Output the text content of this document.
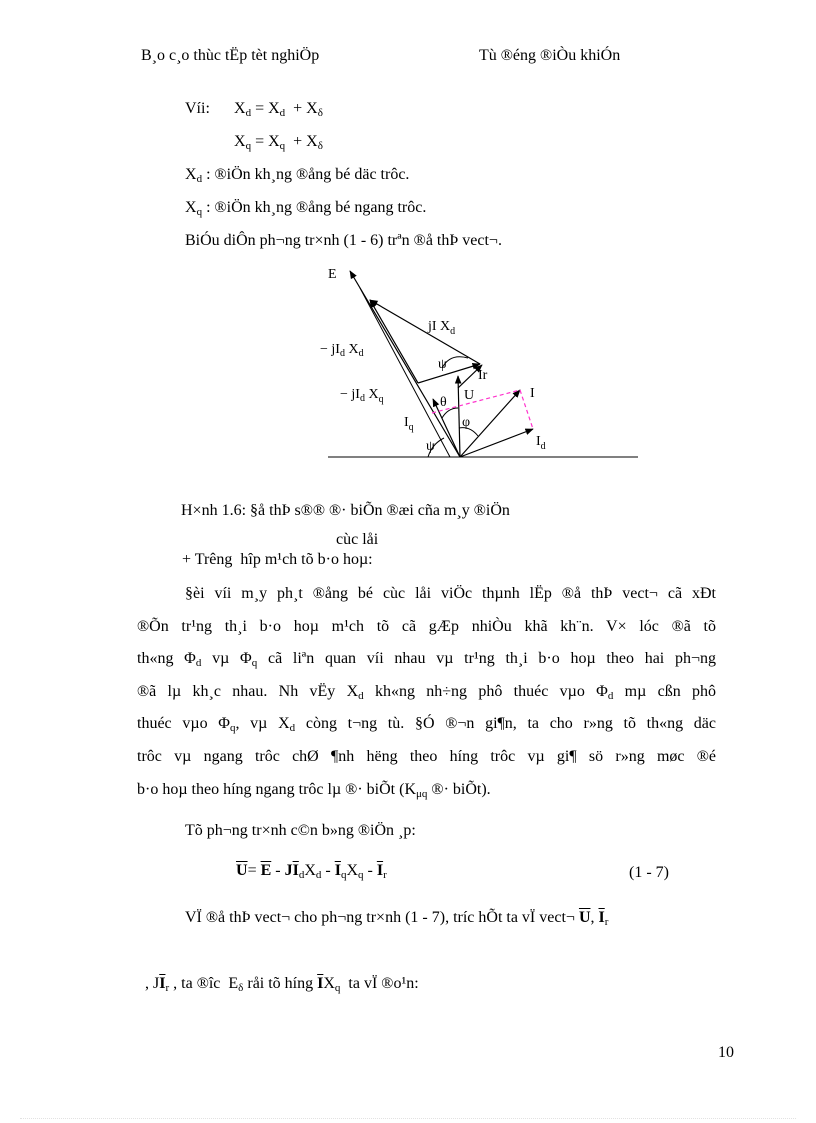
B¸o c¸o thùc tËp tèt nghiÖp	Tù ®éng ®iÒu khiÓn
Víi: $X_d = X_d + X_\delta$
$X_q = X_q + X_\delta$
$X_d$ : ®iÖn kh¸ng ®ång bé däc trôc.
$X_q$ : ®iÖn kh¸ng ®ång bé ngang trôc.
BiÓu diÔn ph¬ng tr×nh (1 - 6) trªn ®å thÞ vect¬.
E
jI $X_d$
− $jI_d$ $X_d$
ψ
Ir
− $jI_d$ $X_q$	U	I
θ
φ
$I_q$
ψ	$I_d$
H×nh 1.6: §å thÞ s®® ®· biÕn ®æi cña m¸y ®iÖn
cùc låi
+ Trêng  hîp m¹ch tõ b·o hoµ:
§èi víi m¸y ph¸t ®ång bé cùc låi viÖc thµnh lËp ®å thÞ vect¬ cã xÐt
®Õn tr¹ng th¸i b·o hoµ m¹ch tõ cã gÆp nhiÒu khã kh¨n. V× lóc ®ã tõ
th«ng $\Phi_d$ vµ $\Phi_q$ cã liªn quan víi nhau vµ tr¹ng th¸i b·o hoµ theo hai ph¬ng
®ã lµ kh¸c nhau. Nh vËy $X_d$ kh«ng nh÷ng phô thuéc vµo $\Phi_d$ mµ cßn phô
thuéc vµo $\Phi_q$, vµ $X_d$ còng t¬ng tù. §Ó ®¬n gi¶n, ta cho r»ng tõ th«ng däc
trôc vµ ngang trôc chØ ¶nh hëng theo híng trôc vµ gi¶ sö r»ng møc ®é
b·o hoµ theo híng ngang trôc lµ ®· biÕt ($K_{\mu q}$ ®· biÕt).
Tõ ph¬ng tr×nh c©n b»ng ®iÖn ¸p:
$\overline{U}= \overline{E} - J\overline{I}_dX_d - \overline{I}_qX_q - \overline{I}_r$	(1 - 7)
VÏ ®å thÞ vect¬ cho ph¬ng tr×nh (1 - 7), tríc hÕt ta vÏ vect¬ $\overline{U}$, $\overline{I}_r$

, $J\overline{I}_r$ , ta ®îc  $E_\delta$ råi tõ híng $\overline{I}X_q$  ta vÏ ®o¹n:

10
